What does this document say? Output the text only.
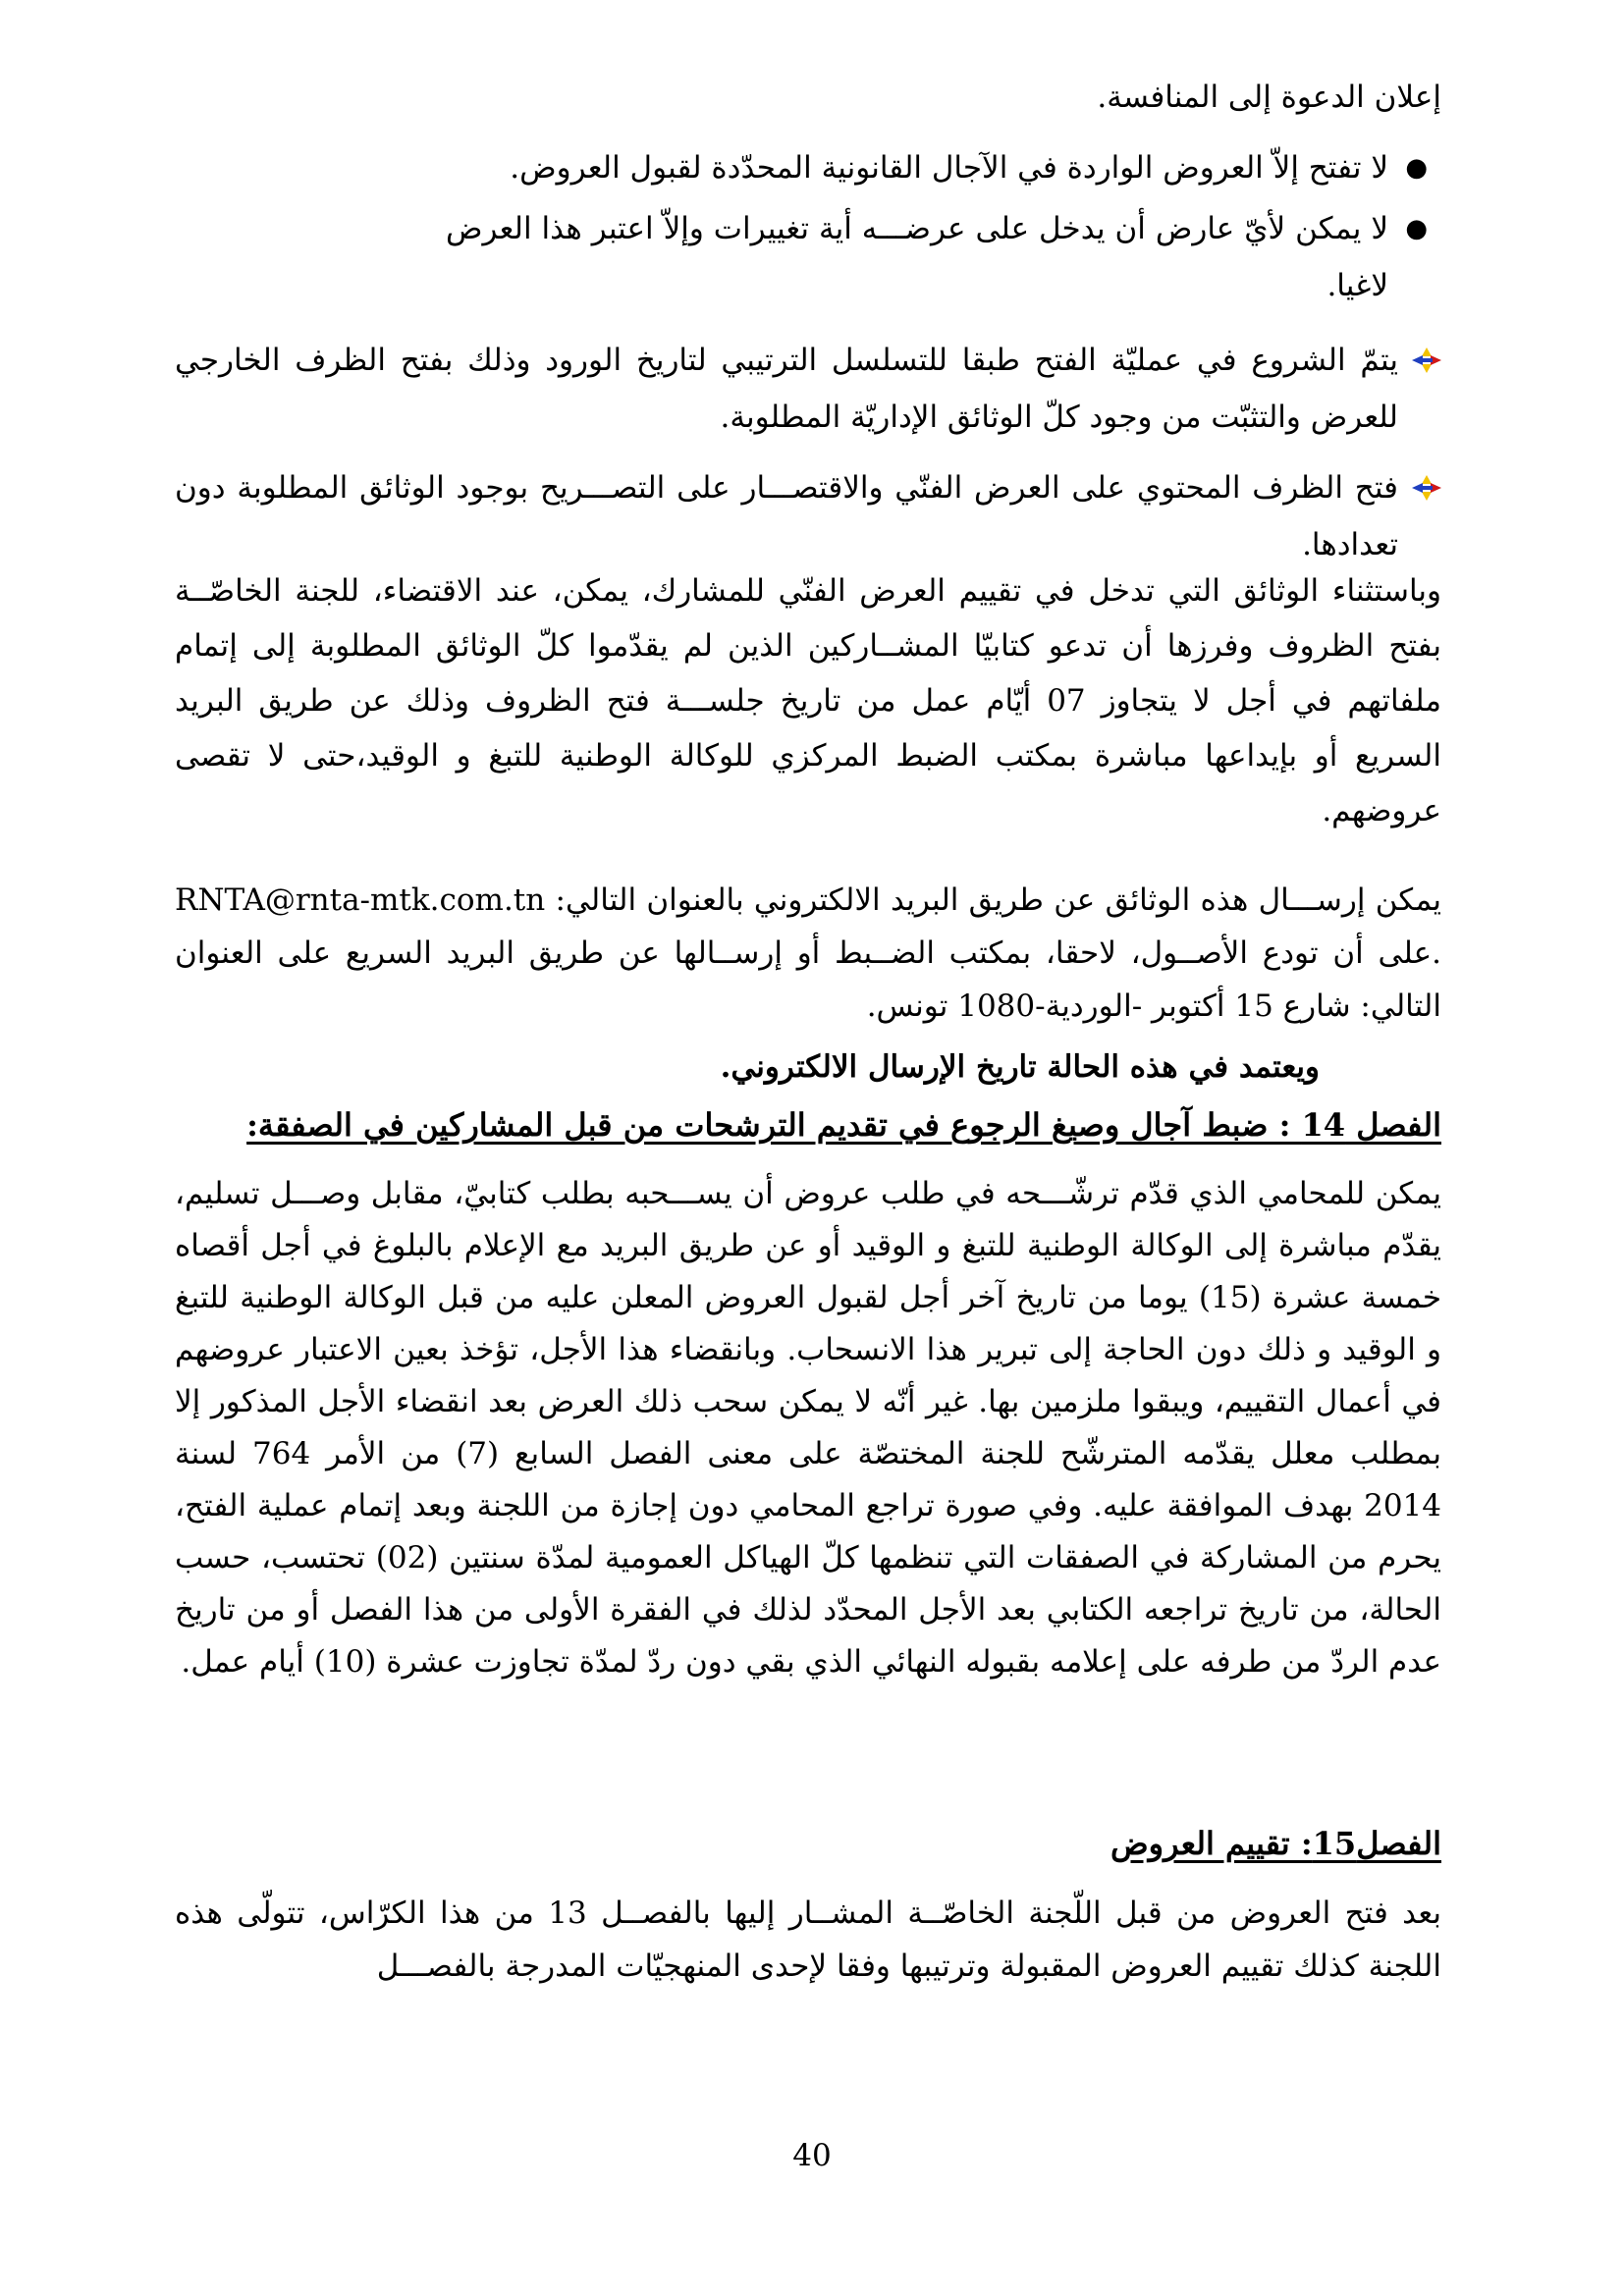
إعلان الدعوة إلى المنافسة.

●
لا تفتح إلاّ العروض الواردة في الآجال القانونية المحدّدة لقبول العروض.
●
لا يمكن لأيّ عارض أن يدخل على عرضـــه أية تغييرات وإلاّ اعتبر هذا العرض لاغيا.
يتمّ الشروع في عمليّة الفتح طبقا للتسلسل الترتيبي لتاريخ الورود وذلك بفتح الظرف الخارجي للعرض والتثبّت من وجود كلّ الوثائق الإداريّة المطلوبة.
فتح الظرف المحتوي على العرض الفنّي والاقتصـــار على التصـــريح بوجود الوثائق المطلوبة دون تعدادها.

وباستثناء الوثائق التي تدخل في تقييم العرض الفنّي للمشارك، يمكن، عند الاقتضاء، للجنة الخاصّــة بفتح الظروف وفرزها أن تدعو كتابيّا المشــاركين الذين لم يقدّموا كلّ الوثائق المطلوبة إلى إتمام ملفاتهم في أجل لا يتجاوز 07 أيّام عمل من تاريخ جلســـة فتح الظروف وذلك عن طريق البريد السريع أو بإيداعها مباشرة بمكتب الضبط المركزي للوكالة الوطنية للتبغ و الوقيد،حتى لا تقصى عروضهم.

يمكن إرســـال هذه الوثائق عن طريق البريد الالكتروني بالعنوان التالي: RNTA@rnta-mtk.com.tn .على أن تودع الأصــول، لاحقا، بمكتب الضــبط أو إرســالها عن طريق البريد السريع على العنوان التالي: شارع 15 أكتوبر -الوردية-1080 تونس.

ويعتمد في هذه الحالة تاريخ الإرسال الالكتروني.

الفصل 14 : ضبط آجال وصيغ الرجوع في تقديم الترشحات من قبل المشاركين في الصفقة:

يمكن للمحامي الذي قدّم ترشّـــحه في طلب عروض أن يســـحبه بطلب كتابيّ، مقابل وصـــل تسليم، يقدّم مباشرة إلى الوكالة الوطنية للتبغ و الوقيد أو عن طريق البريد مع الإعلام بالبلوغ في أجل أقصاه خمسة عشرة (15) يوما من تاريخ آخر أجل لقبول العروض المعلن عليه من قبل الوكالة الوطنية للتبغ و الوقيد و ذلك دون الحاجة إلى تبرير هذا الانسحاب. وبانقضاء هذا الأجل، تؤخذ بعين الاعتبار عروضهم في أعمال التقييم، ويبقوا ملزمين بها. غير أنّه لا يمكن سحب ذلك العرض بعد انقضاء الأجل المذكور إلا بمطلب معلل يقدّمه المترشّح للجنة المختصّة على معنى الفصل السابع (7) من الأمر 764 لسنة 2014 بهدف الموافقة عليه. وفي صورة تراجع المحامي دون إجازة من اللجنة وبعد إتمام عملية الفتح، يحرم من المشاركة في الصفقات التي تنظمها كلّ الهياكل العمومية لمدّة سنتين (02) تحتسب، حسب الحالة، من تاريخ تراجعه الكتابي بعد الأجل المحدّد لذلك في الفقرة الأولى من هذا الفصل أو من تاريخ عدم الردّ من طرفه على إعلامه بقبوله النهائي الذي بقي دون ردّ لمدّة تجاوزت عشرة (10) أيام عمل.

الفصل15: تقييم العروض

بعد فتح العروض من قبل اللّجنة الخاصّــة المشــار إليها بالفصــل 13 من هذا الكرّاس، تتولّى هذه اللجنة كذلك تقييم العروض المقبولة وترتيبها وفقا لإحدى المنهجيّات المدرجة بالفصـــل

40
